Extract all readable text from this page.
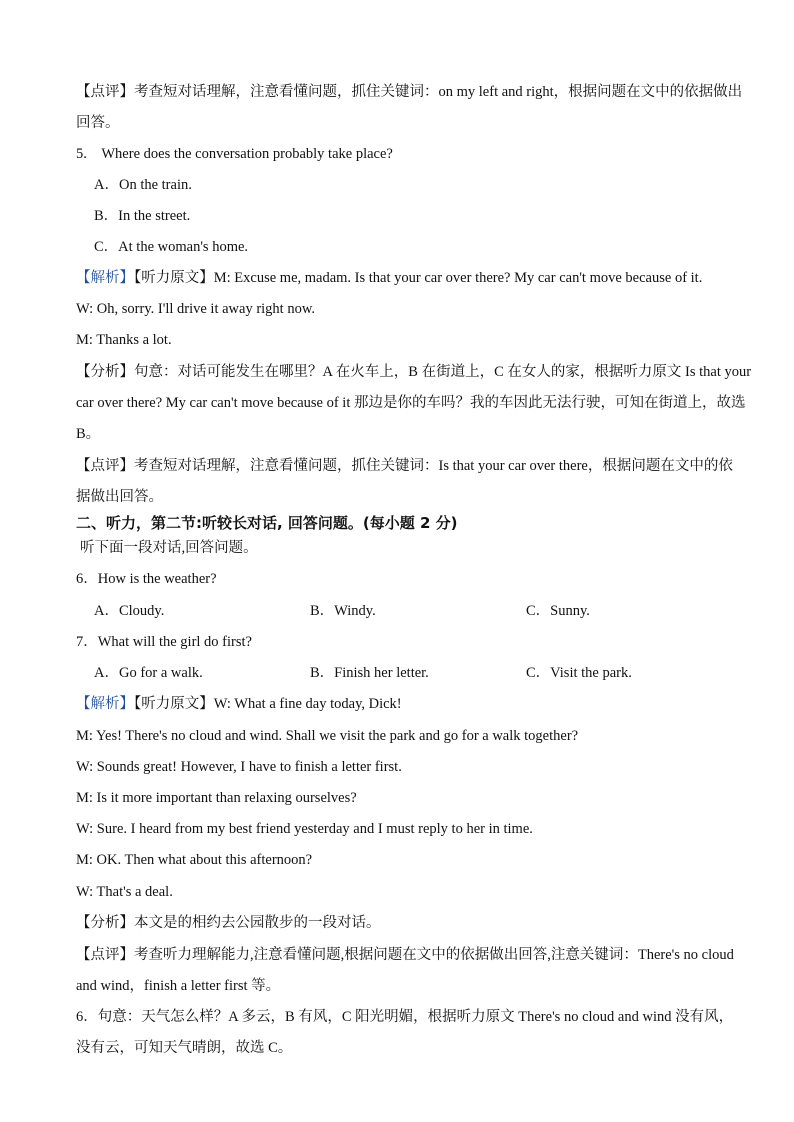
【点评】考查短对话理解，注意看懂问题，抓住关键词：on my left and right，根据问题在文中的依据做出
回答。
5.　Where does the conversation probably take place?
A．On the train.
B．In the street.
C．At the woman's home.
【解析】【听力原文】M: Excuse me, madam. Is that your car over there? My car can't move because of it.
W: Oh, sorry. I'll drive it away right now.
M: Thanks a lot.
【分析】句意：对话可能发生在哪里？A 在火车上，B 在街道上，C 在女人的家，根据听力原文 Is that your
car over there? My car can't move because of it 那边是你的车吗？我的车因此无法行驶，可知在街道上，故选
B。
【点评】考查短对话理解，注意看懂问题，抓住关键词：Is that your car over there，根据问题在文中的依
据做出回答。
二、听力，第二节:听较长对话, 回答问题。(每小题 2 分)
听下面一段对话,回答问题。
6．How is the weather?
A．Cloudy.	B．Windy.	C．Sunny.
7．What will the girl do first?
A．Go for a walk.	B．Finish her letter.	C．Visit the park.
【解析】【听力原文】W: What a fine day today, Dick!
M: Yes! There's no cloud and wind. Shall we visit the park and go for a walk together?
W: Sounds great! However, I have to finish a letter first.
M: Is it more important than relaxing ourselves?
W: Sure. I heard from my best friend yesterday and I must reply to her in time.
M: OK. Then what about this afternoon?
W: That's a deal.
【分析】本文是的相约去公园散步的一段对话。
【点评】考查听力理解能力,注意看懂问题,根据问题在文中的依据做出回答,注意关键词：There's no cloud
and wind，finish a letter first 等。
6．句意：天气怎么样？A 多云，B 有风，C 阳光明媚，根据听力原文 There's no cloud and wind 没有风，
没有云，可知天气晴朗，故选 C。
